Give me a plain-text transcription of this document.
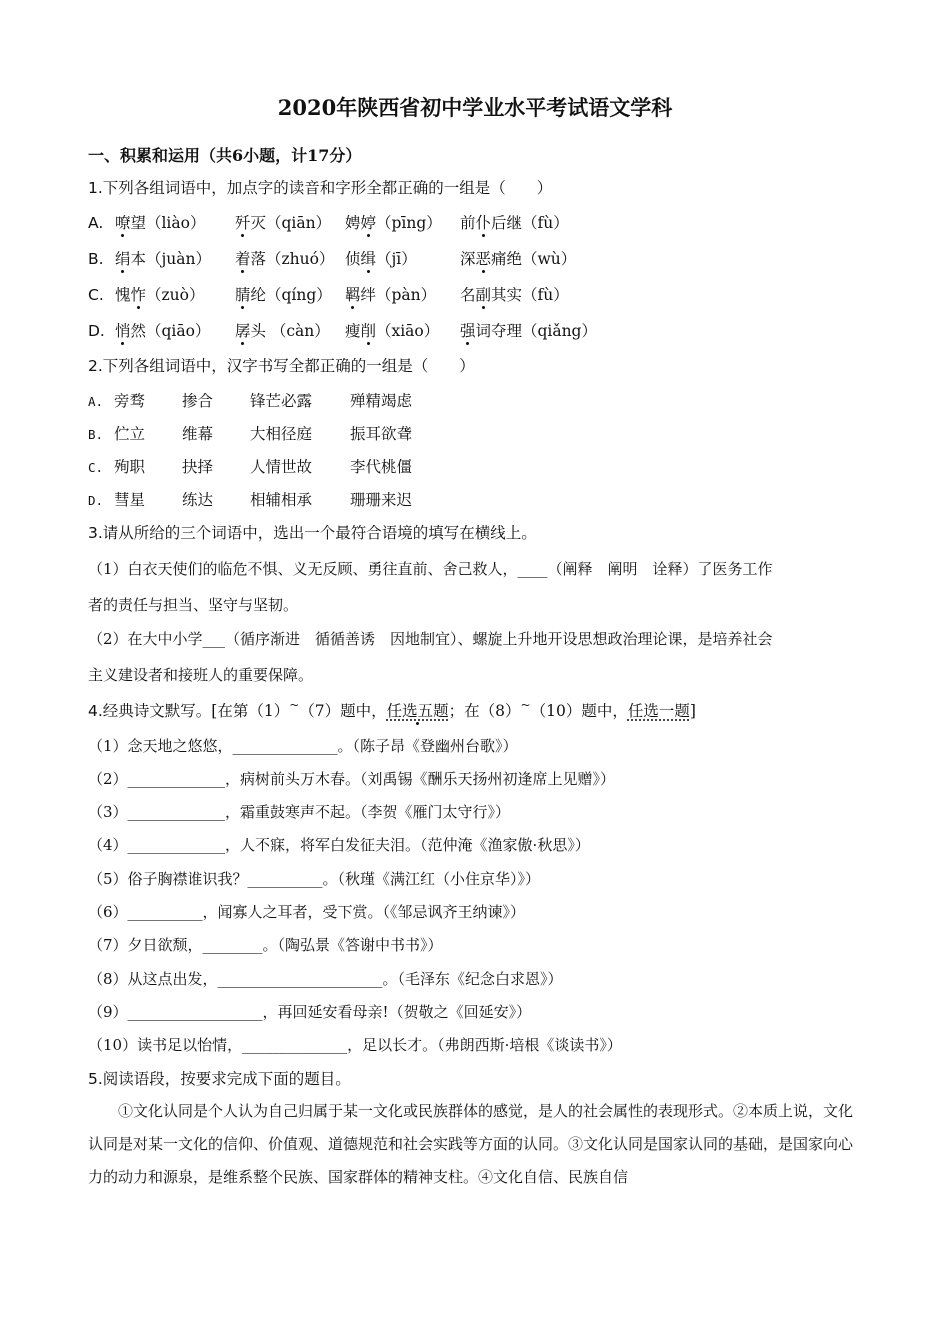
2020年陕西省初中学业水平考试语文学科
一、积累和运用（共6小题，计17分）
1.下列各组词语中，加点字的读音和字形全都正确的一组是（　　）
A. 嘹望（liào） 歼灭（qiān） 娉婷（pīng） 前仆后继（fù）
B. 绢本（juàn） 着落（zhuó） 侦缉（jī）	深恶痛绝（wù）
C. 愧怍（zuò） 腈纶（qíng） 羁绊（pàn） 名副其实（fù）
D. 悄然（qiāo） 孱头 （càn） 瘦削（xiāo） 强词夺理（qiǎng）
2.下列各组词语中，汉字书写全都正确的一组是（　　）
A. 旁骛 掺合 锋芒必露 殚精竭虑
B. 伫立 维幕 大相径庭 振耳欲聋
C. 殉职 抉择 人情世故 李代桃僵
D. 彗星 练达 相辅相承 珊珊来迟
3.请从所给的三个词语中，选出一个最符合语境的填写在横线上。
（1）白衣天使们的临危不惧、义无反顾、勇往直前、舍己救人，____（阐释　阐明　诠释）了医务工作
者的责任与担当、坚守与坚韧。
（2）在大中小学___（循序渐进　循循善诱　因地制宜）、螺旋上升地开设思想政治理论课，是培养社会
主义建设者和接班人的重要保障。
4.经典诗文默写。[在第（1）~（7）题中，任选五题；在（8）~（10）题中，任选一题]
（1）念天地之悠悠，______________。（陈子昂《登幽州台歌》）
（2）_____________，病树前头万木春。（刘禹锡《酬乐天扬州初逢席上见赠》）
（3）_____________，霜重鼓寒声不起。（李贺《雁门太守行》）
（4）_____________，人不寐，将军白发征夫泪。（范仲淹《渔家傲·秋思》）
（5）俗子胸襟谁识我？__________。（秋瑾《满江红（小住京华）》）
（6）__________，闻寡人之耳者，受下赏。（《邹忌讽齐王纳谏》）
（7）夕日欲颓，________。（陶弘景《答谢中书书》）
（8）从这点出发，______________________。（毛泽东《纪念白求恩》）
（9）__________________，再回延安看母亲!（贺敬之《回延安》）
（10）读书足以怡情，______________，足以长才。（弗朗西斯·培根《谈读书》）
5.阅读语段，按要求完成下面的题目。
①文化认同是个人认为自己归属于某一文化或民族群体的感觉，是人的社会属性的表现形式。②本质上说，文化认同是对某一文化的信仰、价值观、道德规范和社会实践等方面的认同。③文化认同是国家认同的基础，是国家向心力的动力和源泉，是维系整个民族、国家群体的精神支柱。④文化自信、民族自信
